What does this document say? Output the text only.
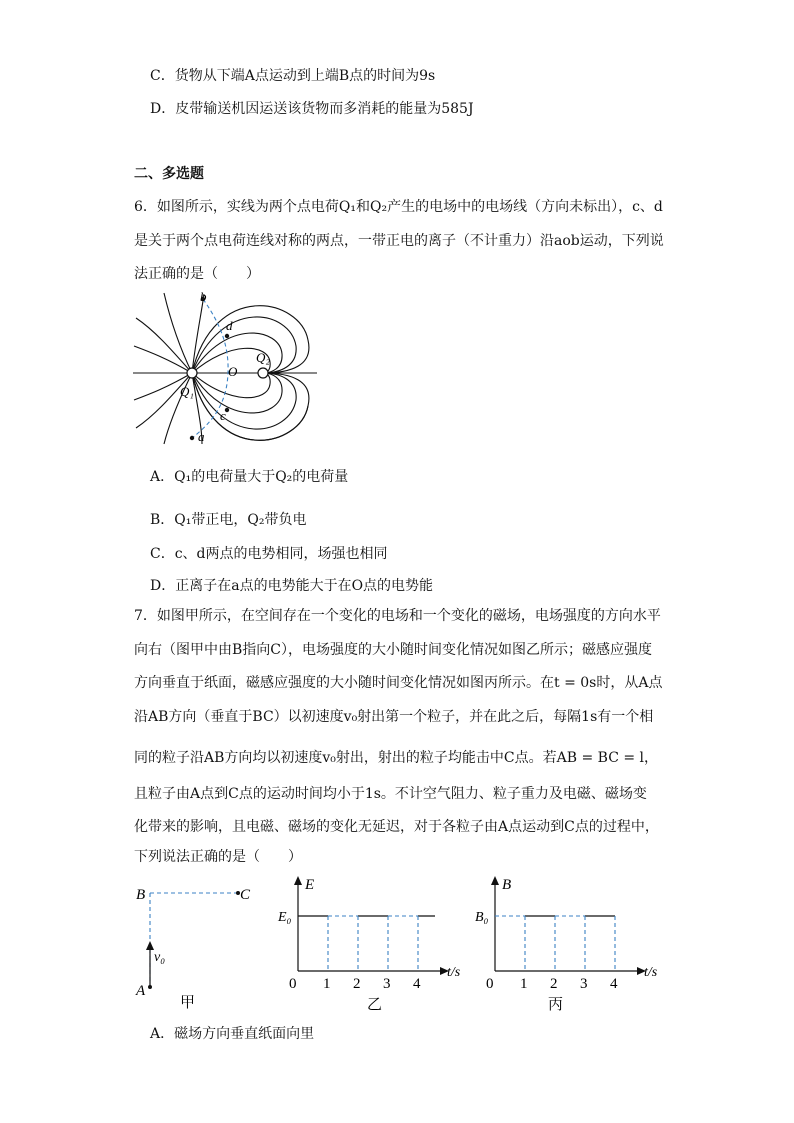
C．货物从下端A点运动到上端B点的时间为9s
D．皮带输送机因运送该货物而多消耗的能量为585J
二、多选题
6．如图所示，实线为两个点电荷Q₁和Q₂产生的电场中的电场线（方向未标出），c、d
是关于两个点电荷连线对称的两点，一带正电的离子（不计重力）沿aob运动，下列说
法正确的是（　　）
b
d
Q₂
O
Q₁
c
a
A．Q₁的电荷量大于Q₂的电荷量
B．Q₁带正电，Q₂带负电
C．c、d两点的电势相同，场强也相同
D．正离子在a点的电势能大于在O点的电势能
7．如图甲所示，在空间存在一个变化的电场和一个变化的磁场，电场强度的方向水平
向右（图甲中由B指向C），电场强度的大小随时间变化情况如图乙所示；磁感应强度
方向垂直于纸面，磁感应强度的大小随时间变化情况如图丙所示。在t = 0s时，从A点
沿AB方向（垂直于BC）以初速度v₀射出第一个粒子，并在此之后，每隔1s有一个相
同的粒子沿AB方向均以初速度v₀射出，射出的粒子均能击中C点。若AB = BC = l，
且粒子由A点到C点的运动时间均小于1s。不计空气阻力、粒子重力及电磁、磁场变
化带来的影响，且电磁、磁场的变化无延迟，对于各粒子由A点运动到C点的过程中，
下列说法正确的是（　　）
B	C
v₀
A
甲
E
E₀
t/s
0 1 2 3 4
乙
B
B₀
t/s
0 1 2 3 4
丙
A．磁场方向垂直纸面向里
